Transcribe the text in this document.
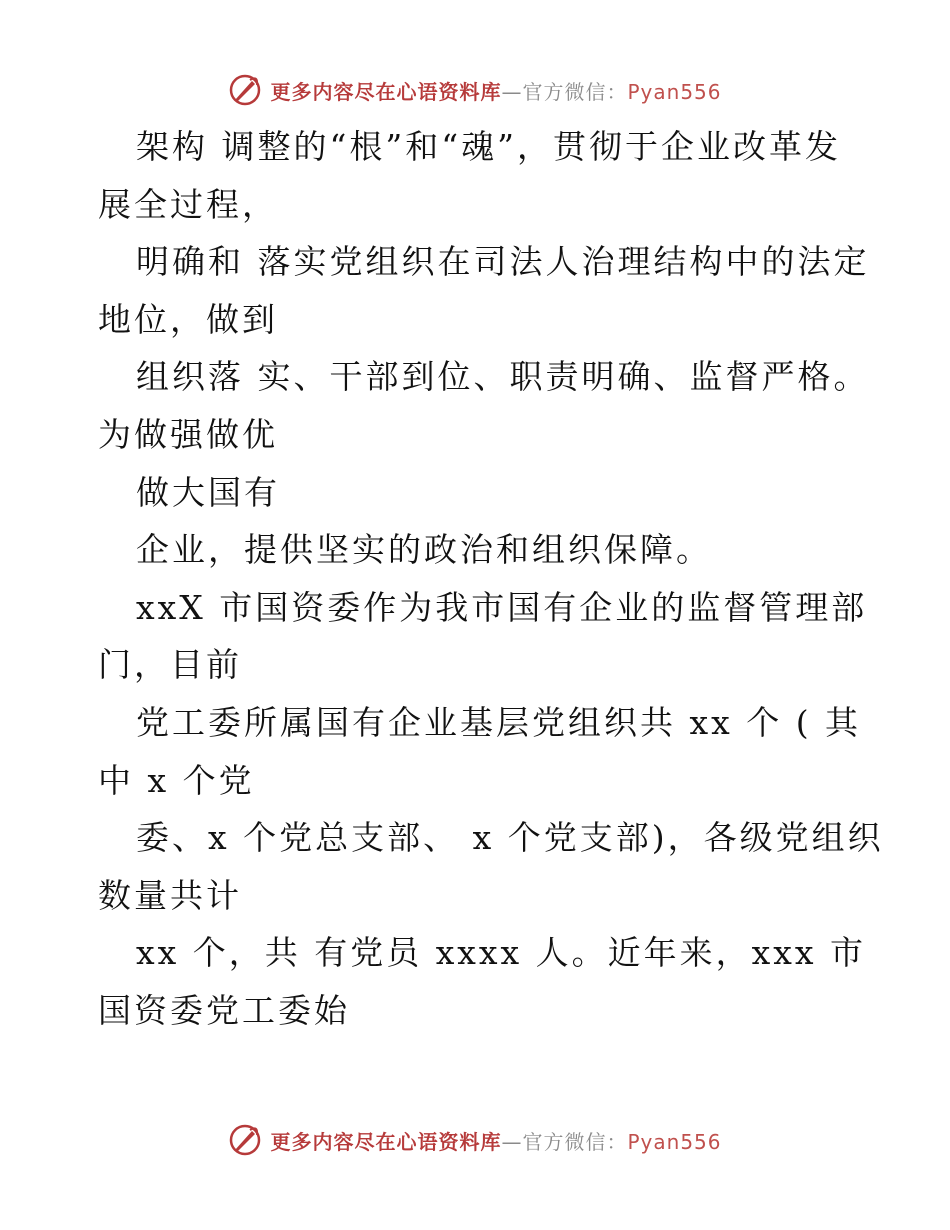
更多内容尽在心语资料库—官方微信：Pyan556
架构 调整的“根”和“魂”，贯彻于企业改革发
展全过程，
明确和 落实党组织在司法人治理结构中的法定
地位，做到
组织落 实、干部到位、职责明确、监督严格。
为做强做优
做大国有
企业，提供坚实的政治和组织保障。
xxX 市国资委作为我市国有企业的监督管理部
门，目前
党工委所属国有企业基层党组织共 xx 个 ( 其
中 x 个党
委、x 个党总支部、 x 个党支部)，各级党组织
数量共计
xx 个，共 有党员 xxxx 人。近年来，xxx 市
国资委党工委始
更多内容尽在心语资料库—官方微信：Pyan556
